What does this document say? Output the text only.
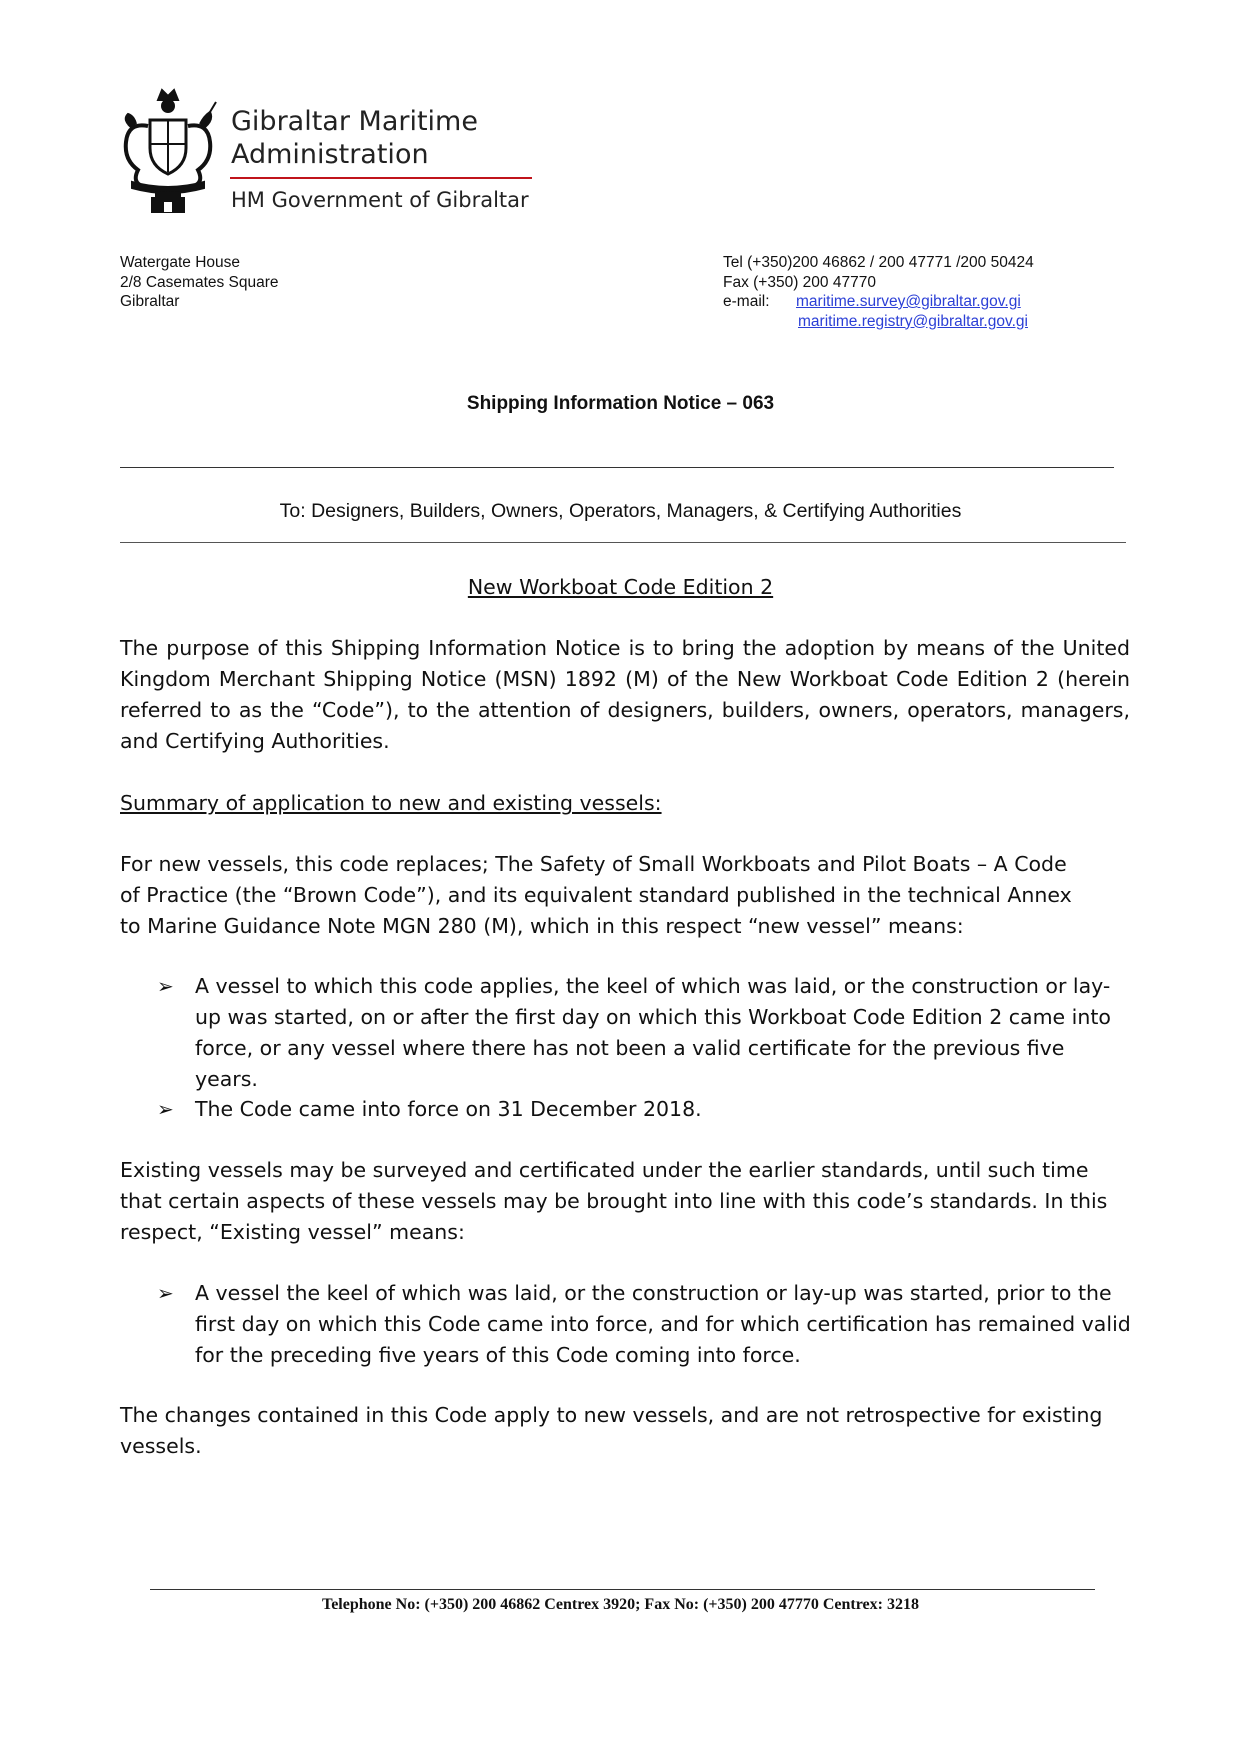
Gibraltar Maritime
Administration
HM Government of Gibraltar
Watergate House
2/8 Casemates Square
Gibraltar
Tel (+350)200 46862 / 200 47771 /200 50424
Fax (+350) 200 47770
e-mail:	maritime.survey@gibraltar.gov.gi
maritime.registry@gibraltar.gov.gi
Shipping Information Notice – 063
To: Designers, Builders, Owners, Operators, Managers, & Certifying Authorities
New Workboat Code Edition 2
The purpose of this Shipping Information Notice is to bring the adoption by means of the United Kingdom Merchant Shipping Notice (MSN) 1892 (M) of the New Workboat Code Edition 2 (herein referred to as the “Code”), to the attention of designers, builders, owners, operators, managers, and Certifying Authorities.
Summary of application to new and existing vessels:
For new vessels, this code replaces; The Safety of Small Workboats and Pilot Boats – A Code of Practice (the “Brown Code”), and its equivalent standard published in the technical Annex to Marine Guidance Note MGN 280 (M), which in this respect “new vessel” means:
➢	A vessel to which this code applies, the keel of which was laid, or the construction or lay-up was started, on or after the first day on which this Workboat Code Edition 2 came into force, or any vessel where there has not been a valid certificate for the previous five years.
➢	The Code came into force on 31 December 2018.
Existing vessels may be surveyed and certificated under the earlier standards, until such time that certain aspects of these vessels may be brought into line with this code’s standards. In this respect, “Existing vessel” means:
➢	A vessel the keel of which was laid, or the construction or lay-up was started, prior to the first day on which this Code came into force, and for which certification has remained valid for the preceding five years of this Code coming into force.
The changes contained in this Code apply to new vessels, and are not retrospective for existing vessels.
Telephone No: (+350) 200 46862 Centrex 3920; Fax No: (+350) 200 47770 Centrex: 3218
